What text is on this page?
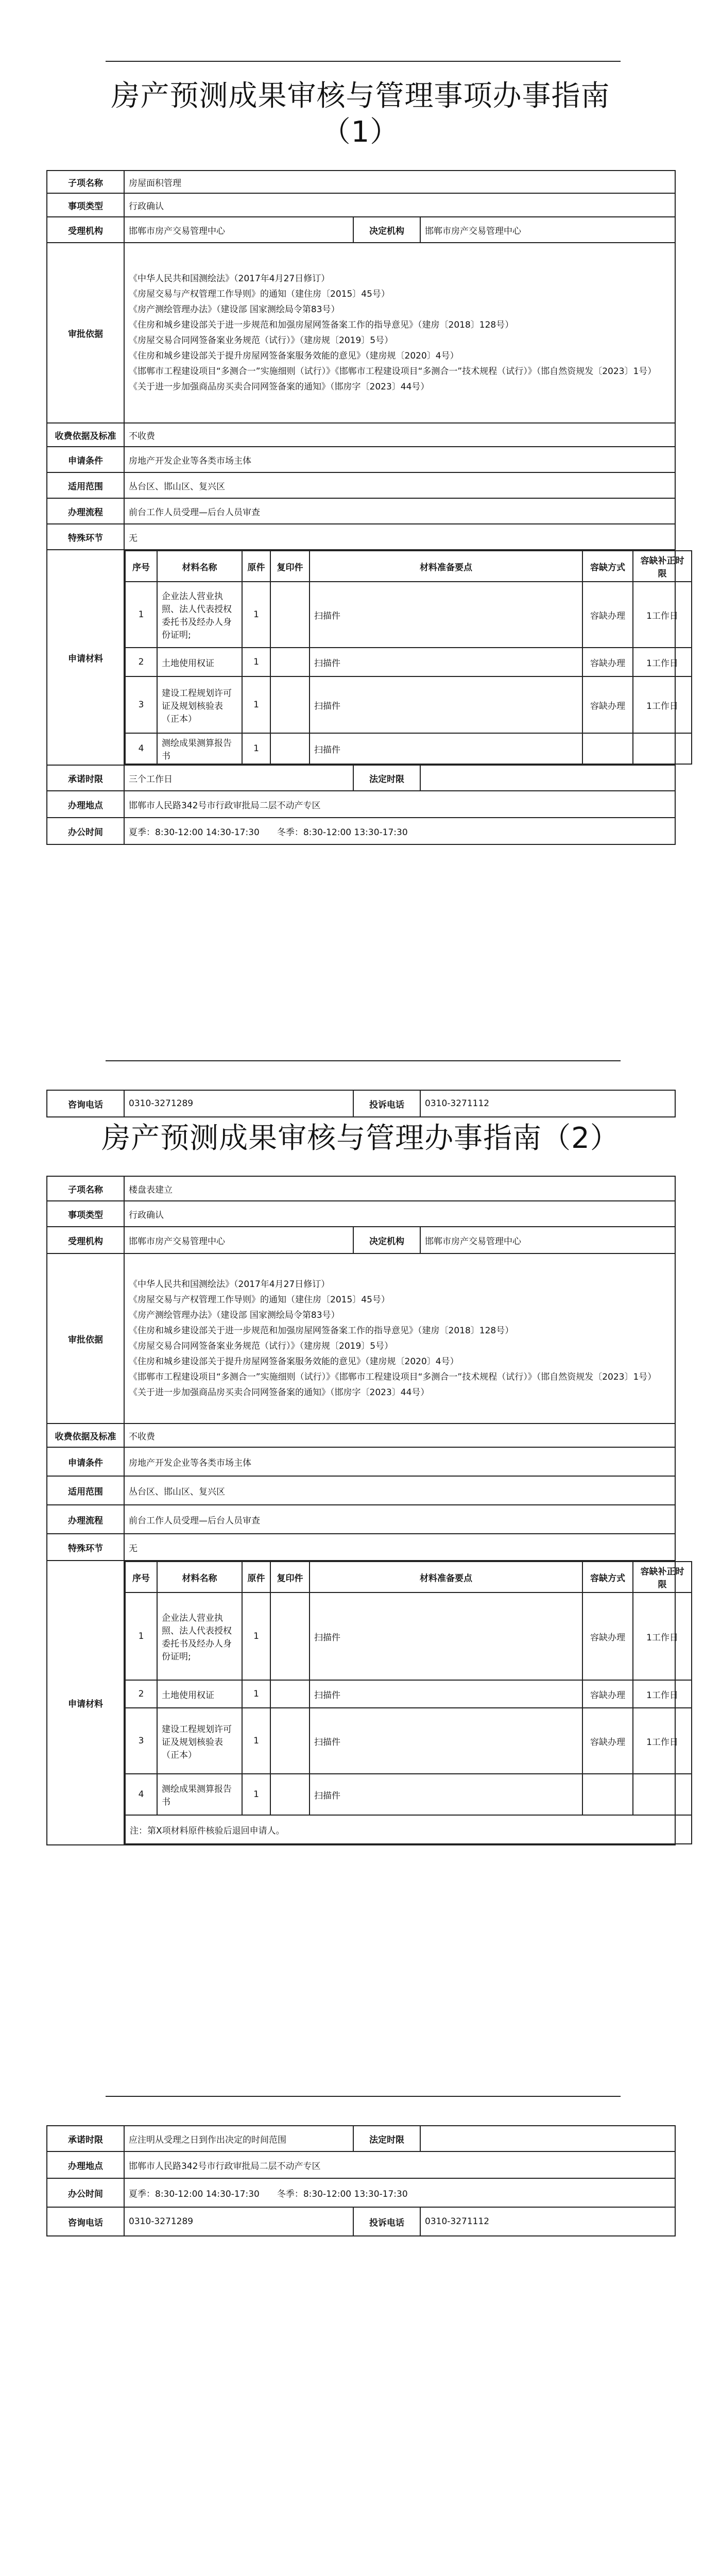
房产预测成果审核与管理事项办事指南
（1）
子项名称	房屋面积管理
事项类型	行政确认
受理机构	邯郸市房产交易管理中心	决定机构	邯郸市房产交易管理中心
审批依据	

《中华人民共和国测绘法》（2017年4月27日修订）

《房屋交易与产权管理工作导则》的通知（建住房〔2015〕45号）

《房产测绘管理办法》（建设部 国家测绘局令第83号）

《住房和城乡建设部关于进一步规范和加强房屋网签备案工作的指导意见》（建房〔2018〕128号）

《房屋交易合同网签备案业务规范（试行）》（建房规〔2019〕5号）

《住房和城乡建设部关于提升房屋网签备案服务效能的意见》（建房规〔2020〕4号）

《邯郸市工程建设项目“多测合一”实施细则（试行）》《邯郸市工程建设项目“多测合一”技术规程（试行）》（邯自然资规发〔2023〕1号）

《关于进一步加强商品房买卖合同网签备案的通知》（邯房字〔2023〕44号）

收费依据及标准	不收费
申请条件	房地产开发企业等各类市场主体
适用范围	丛台区、邯山区、复兴区
办理流程	前台工作人员受理—后台人员审查
特殊环节	无
申请材料	
序号	材料名称	原件	复印件	材料准备要点	容缺方式	容缺补正时限
1	企业法人营业执照、法人代表授权委托书及经办人身份证明;	1		扫描件	容缺办理	1工作日
2	土地使用权证	1		扫描件	容缺办理	1工作日
3	建设工程规划许可证及规划核验表（正本）	1		扫描件	容缺办理	1工作日
4	测绘成果测算报告书	1		扫描件		

承诺时限	三个工作日	法定时限	
办理地点	邯郸市人民路342号市行政审批局二层不动产专区
办公时间	夏季：8:30-12:00 14:30-17:30　　冬季：8:30-12:00 13:30-17:30
咨询电话	0310-3271289	投诉电话	0310-3271112
房产预测成果审核与管理办事指南（2）
子项名称	楼盘表建立
事项类型	行政确认
受理机构	邯郸市房产交易管理中心	决定机构	邯郸市房产交易管理中心
审批依据	

《中华人民共和国测绘法》（2017年4月27日修订）

《房屋交易与产权管理工作导则》的通知（建住房〔2015〕45号）

《房产测绘管理办法》（建设部 国家测绘局令第83号）

《住房和城乡建设部关于进一步规范和加强房屋网签备案工作的指导意见》（建房〔2018〕128号）

《房屋交易合同网签备案业务规范（试行）》（建房规〔2019〕5号）

《住房和城乡建设部关于提升房屋网签备案服务效能的意见》（建房规〔2020〕4号）

《邯郸市工程建设项目“多测合一”实施细则（试行）》《邯郸市工程建设项目“多测合一”技术规程（试行）》（邯自然资规发〔2023〕1号）

《关于进一步加强商品房买卖合同网签备案的通知》（邯房字〔2023〕44号）

收费依据及标准	不收费
申请条件	房地产开发企业等各类市场主体
适用范围	丛台区、邯山区、复兴区
办理流程	前台工作人员受理—后台人员审查
特殊环节	无
申请材料	
序号	材料名称	原件	复印件	材料准备要点	容缺方式	容缺补正时限
1	企业法人营业执照、法人代表授权委托书及经办人身份证明;	1		扫描件	容缺办理	1工作日
2	土地使用权证	1		扫描件	容缺办理	1工作日
3	建设工程规划许可证及规划核验表（正本）	1		扫描件	容缺办理	1工作日
4	测绘成果测算报告书	1		扫描件		
注：第X项材料原件核验后退回申请人。
承诺时限	应注明从受理之日到作出决定的时间范围	法定时限	
办理地点	邯郸市人民路342号市行政审批局二层不动产专区		
办公时间	夏季：8:30-12:00 14:30-17:30　　冬季：8:30-12:00 13:30-17:30		
咨询电话	0310-3271289	投诉电话	0310-3271112
